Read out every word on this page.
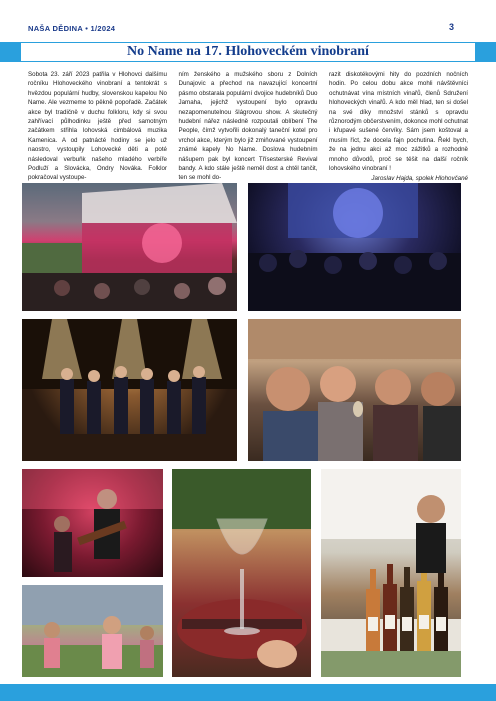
NAŠA DĚDINA • 1/2024	3
No Name na 17. Hlohoveckém vinobraní

Sobota 23. září 2023 patřila v Hlohovci dalšímu ročníku Hlohoveckého vinobraní a tentokrát s hvězdou populární hudby, slovenskou kapelou No Name. Ale vezmeme to pěkně popořadě. Začátek akce byl tradičně v duchu folkloru, kdy si svou zahřívací půlhodinku ještě před samotným začátkem střihla lohovská cimbálová muzika Kamenica. A od patnácté hodiny se jelo už naostro, vystoupily Lohovecké děti a poté následoval verbuňk našeho mladého verbíře Podluží a Slovácka, Ondry Nováka. Folklor pokračoval vystoupe-

ním ženského a mužského sboru z Dolních Dunajovic a přechod na navazující koncertní pásmo obstarala populární dvojice hudebníků Duo Jamaha, jejichž vystoupení bylo opravdu nezapomenutelnou šlágrovou show. A skutečný hudební nářez následně rozpoutali oblíbení The People, čímž vytvořili dokonalý taneční kotel pro vrchol akce, kterým bylo již zmiňované vystoupení známé kapely No Name. Doslova hudebním nášupem pak byl koncert Třísesterské Revival bandy. A kdo stále ještě neměl dost a chtěl tančit, ten se mohl do-

razit diskotékovými hity do pozdních nočních hodin. Po celou dobu akce mohli návštěvníci ochutnávat vína místních vinařů, členů Sdružení hlohoveckých vinařů. A kdo měl hlad, ten si došel na své díky množství stánků s opravdu různorodým občerstvením, dokonce mohl ochutnat i křupavé sušené červíky. Sám jsem koštoval a musím říct, že docela fajn pochutina. Řekl bych, že na jednu akci až moc zážitků a rozhodně mnoho důvodů, proč se těšit na další ročník lohovského vinobraní !

Jaroslav Hajda, spolek Hlohovčané
